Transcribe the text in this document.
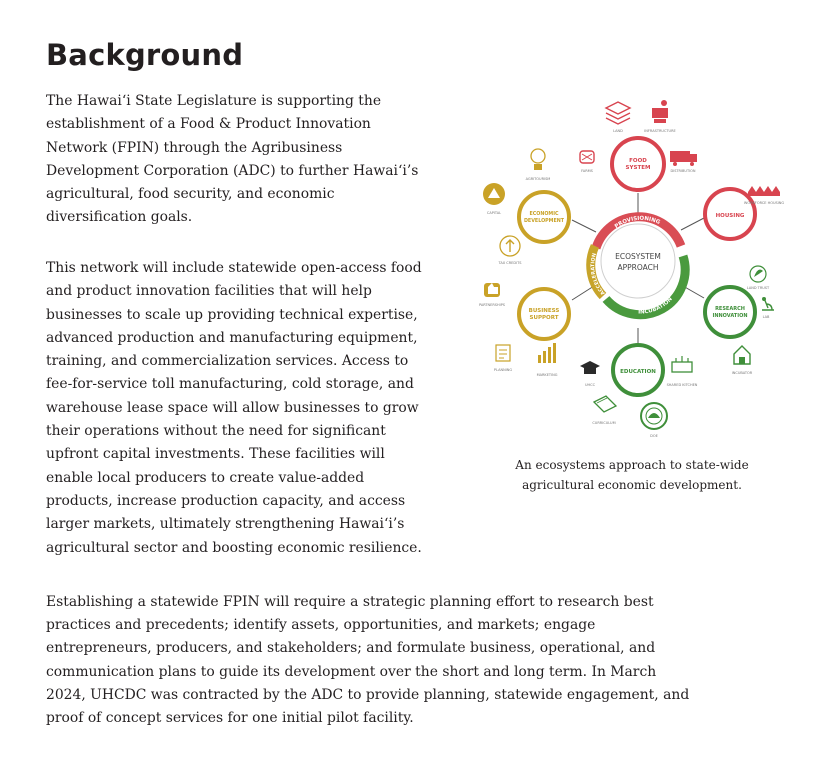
Background

The Hawaiʻi State Legislature is supporting the
establishment of a Food & Product Innovation
Network (FPIN) through the Agribusiness
Development Corporation (ADC) to further Hawaiʻi’s
agricultural, food security, and economic
diversification goals.

This network will include statewide open-access food
and product innovation facilities that will help
businesses to scale up providing technical expertise,
advanced production and manufacturing equipment,
training, and commercialization services. Access to
fee-for-service toll manufacturing, cold storage, and
warehouse lease space will allow businesses to grow
their operations without the need for significant
upfront capital investments. These facilities will
enable local producers to create value-added
products, increase production capacity, and access
larger markets, ultimately strengthening Hawaiʻi’s
agricultural sector and boosting economic resilience.

Establishing a statewide FPIN will require a strategic planning effort to research best
practices and precedents; identify assets, opportunities, and markets; engage
entrepreneurs, producers, and stakeholders; and formulate business, operational, and
communication plans to guide its development over the short and long term. In March
2024, UHCDC was contracted by the ADC to provide planning, statewide engagement, and
proof of concept services for one initial pilot facility.

ECOSYSTEM
APPROACH
PROVISIONING
INCUBATION
ACCELERATION
FOOD
SYSTEM
HOUSING
RESEARCH
INNOVATION
EDUCATION
BUSINESS
SUPPORT
ECONOMIC
DEVELOPMENT
LAND	INFRASTRUCTURE
FARMS	DISTRIBUTION
WORKFORCE HOUSING
LAND TRUST
LAB
INCUBATOR
SHARED KITCHEN
UHCC
CURRICULUM
DOE
PLANNING
MARKETING
PARTNERSHIPS
TAX CREDITS
CAPITAL
AGRITOURISM

An ecosystems approach to state-wide
agricultural economic development.
